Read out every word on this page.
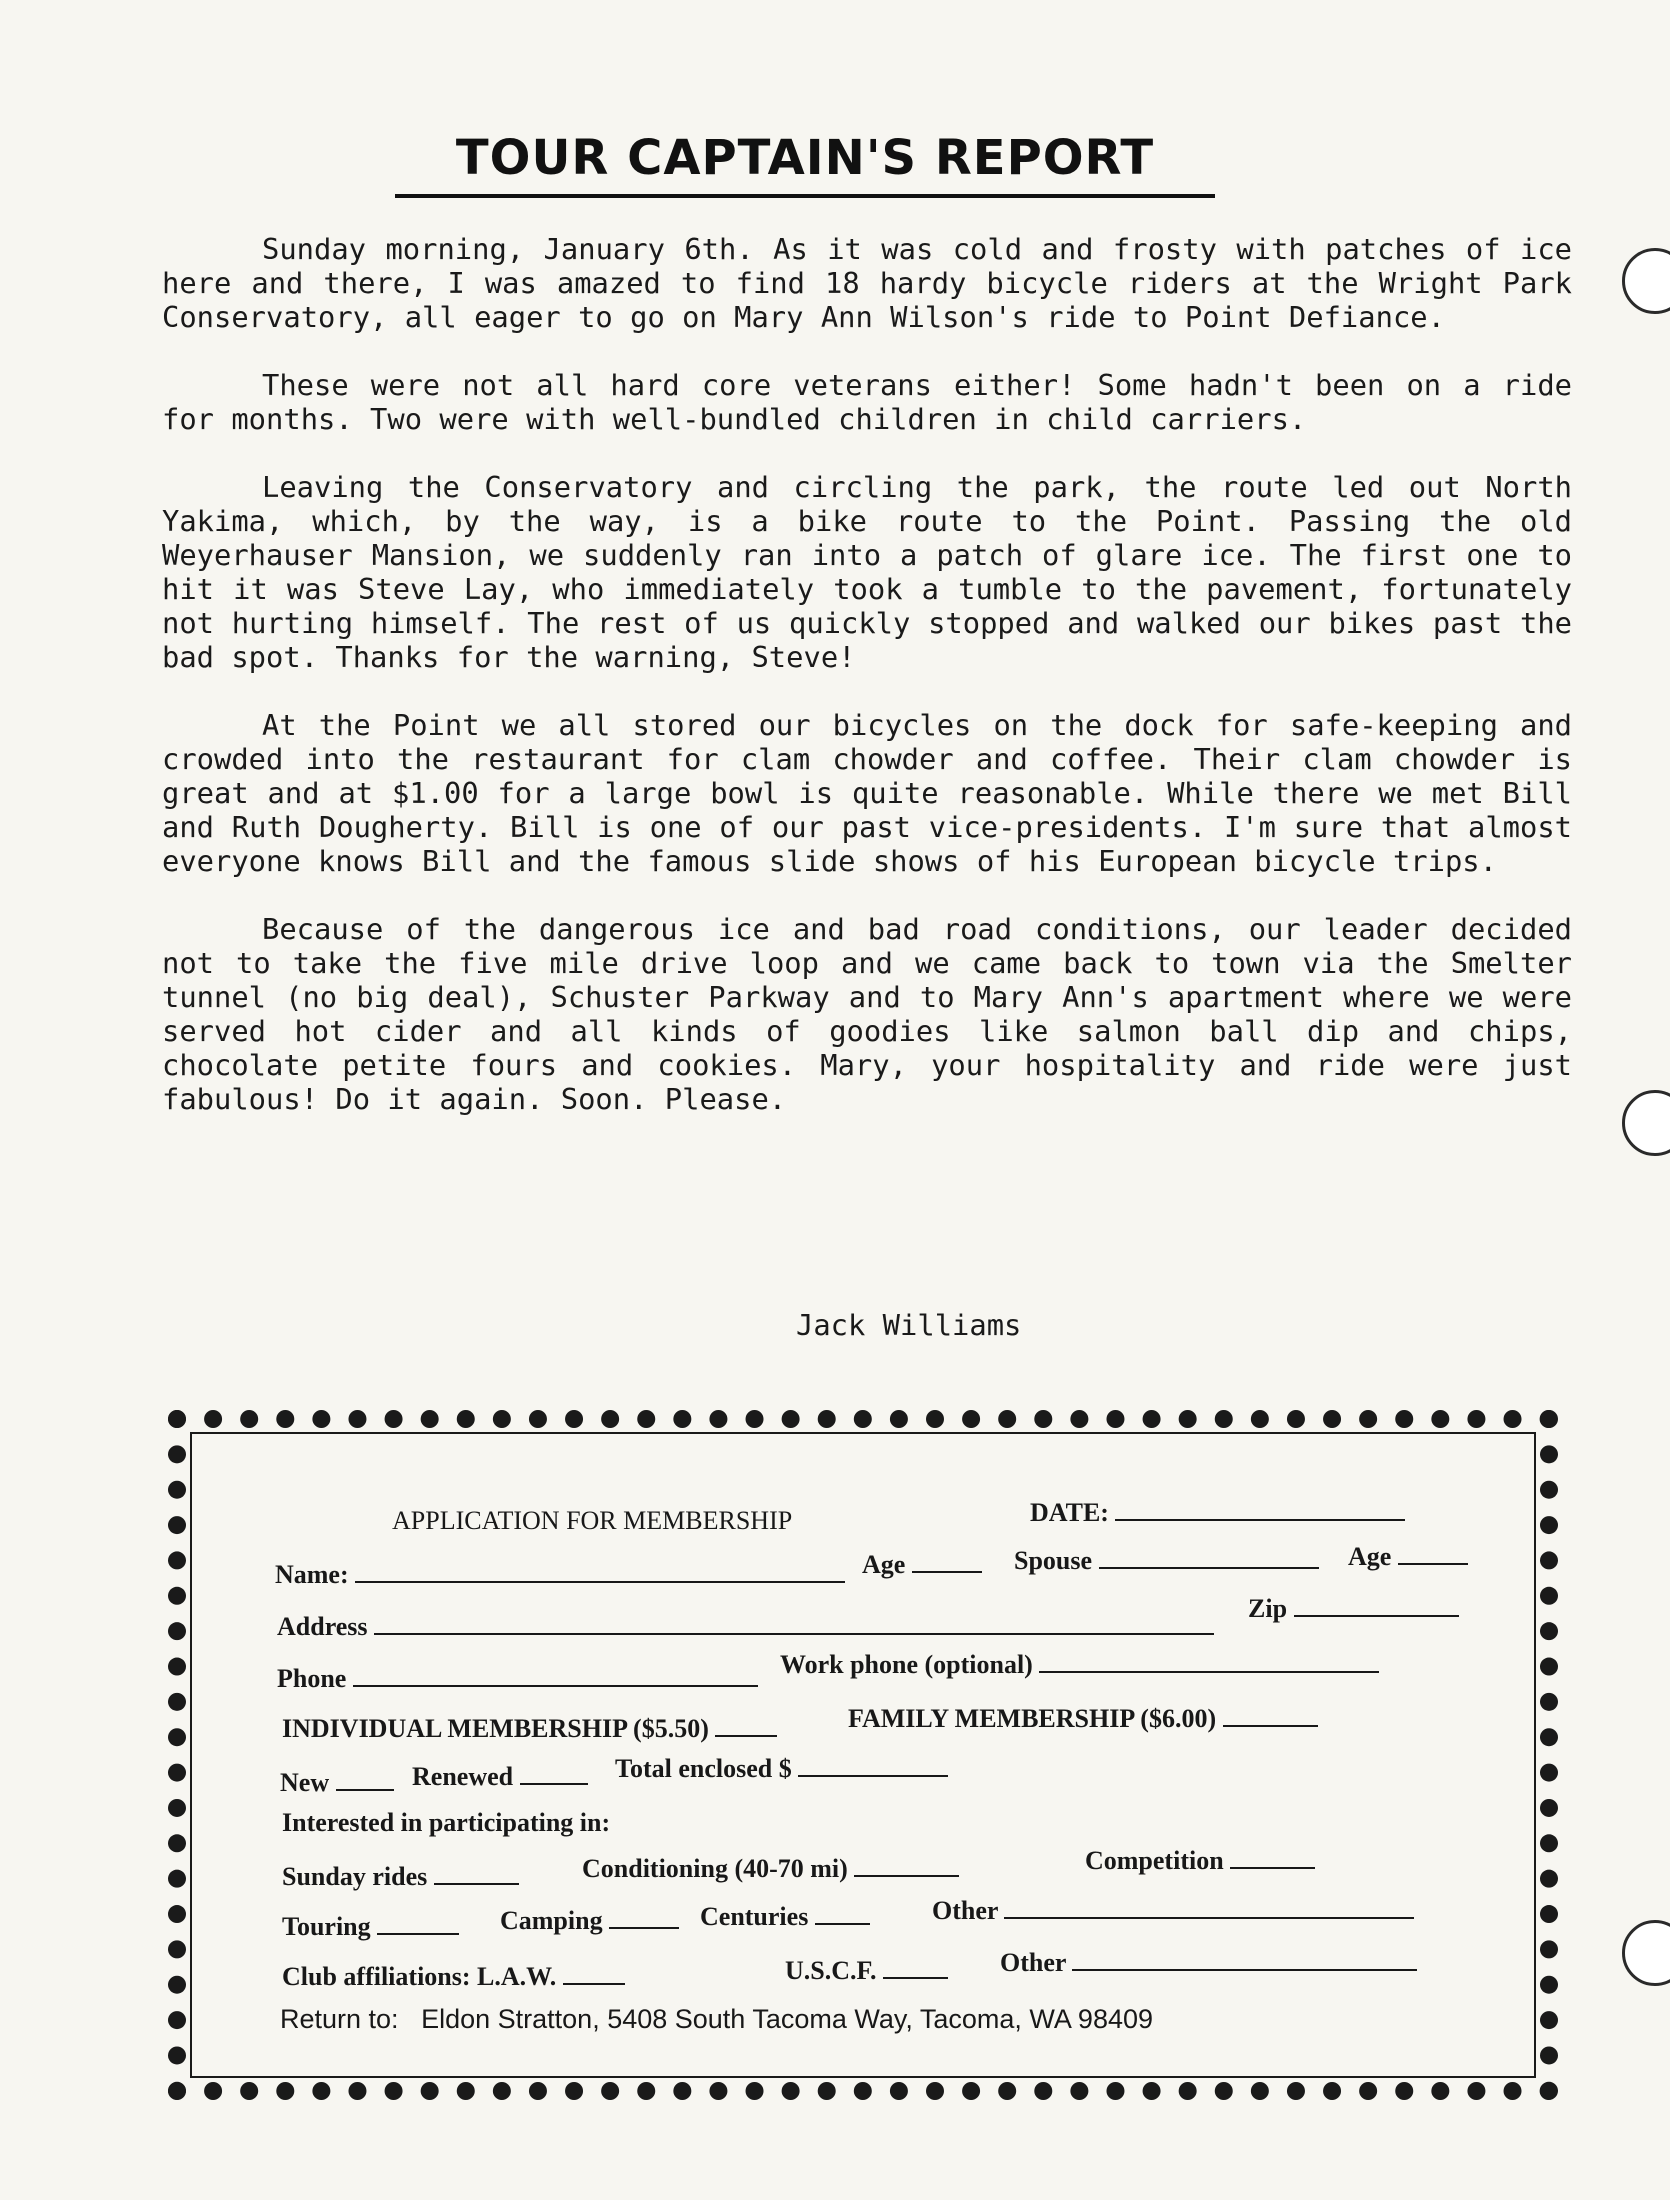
TOUR CAPTAIN'S REPORT

Sunday morning, January 6th. As it was cold and frosty with patches of ice here and there, I was amazed to find 18 hardy bicycle riders at the Wright Park Conservatory, all eager to go on Mary Ann Wilson's ride to Point Defiance.

These were not all hard core veterans either! Some hadn't been on a ride for months. Two were with well-bundled children in child carriers.

Leaving the Conservatory and circling the park, the route led out North Yakima, which, by the way, is a bike route to the Point. Passing the old Weyerhauser Mansion, we suddenly ran into a patch of glare ice. The first one to hit it was Steve Lay, who immediately took a tumble to the pavement, fortunately not hurting himself. The rest of us quickly stopped and walked our bikes past the bad spot. Thanks for the warning, Steve!

At the Point we all stored our bicycles on the dock for safe-keeping and crowded into the restaurant for clam chowder and coffee. Their clam chowder is great and at $1.00 for a large bowl is quite reasonable. While there we met Bill and Ruth Dougherty. Bill is one of our past vice-presidents. I'm sure that almost everyone knows Bill and the famous slide shows of his European bicycle trips.

Because of the dangerous ice and bad road conditions, our leader decided not to take the five mile drive loop and we came back to town via the Smelter tunnel (no big deal), Schuster Parkway and to Mary Ann's apartment where we were served hot cider and all kinds of goodies like salmon ball dip and chips, chocolate petite fours and cookies. Mary, your hospitality and ride were just fabulous! Do it again. Soon. Please.

Jack Williams
APPLICATION FOR MEMBERSHIP	DATE:
Name:	Age	Spouse	Age
Address
Zip
Phone	Work phone (optional)
INDIVIDUAL MEMBERSHIP ($5.50)	FAMILY MEMBERSHIP ($6.00)
New	Renewed	Total enclosed $
Interested in participating in:
Sunday rides	Conditioning (40-70 mi)	Competition
Touring	Camping	Centuries	Other
Club affiliations: L.A.W.	U.S.C.F.	Other
Return to: Eldon Stratton, 5408 South Tacoma Way, Tacoma, WA 98409
